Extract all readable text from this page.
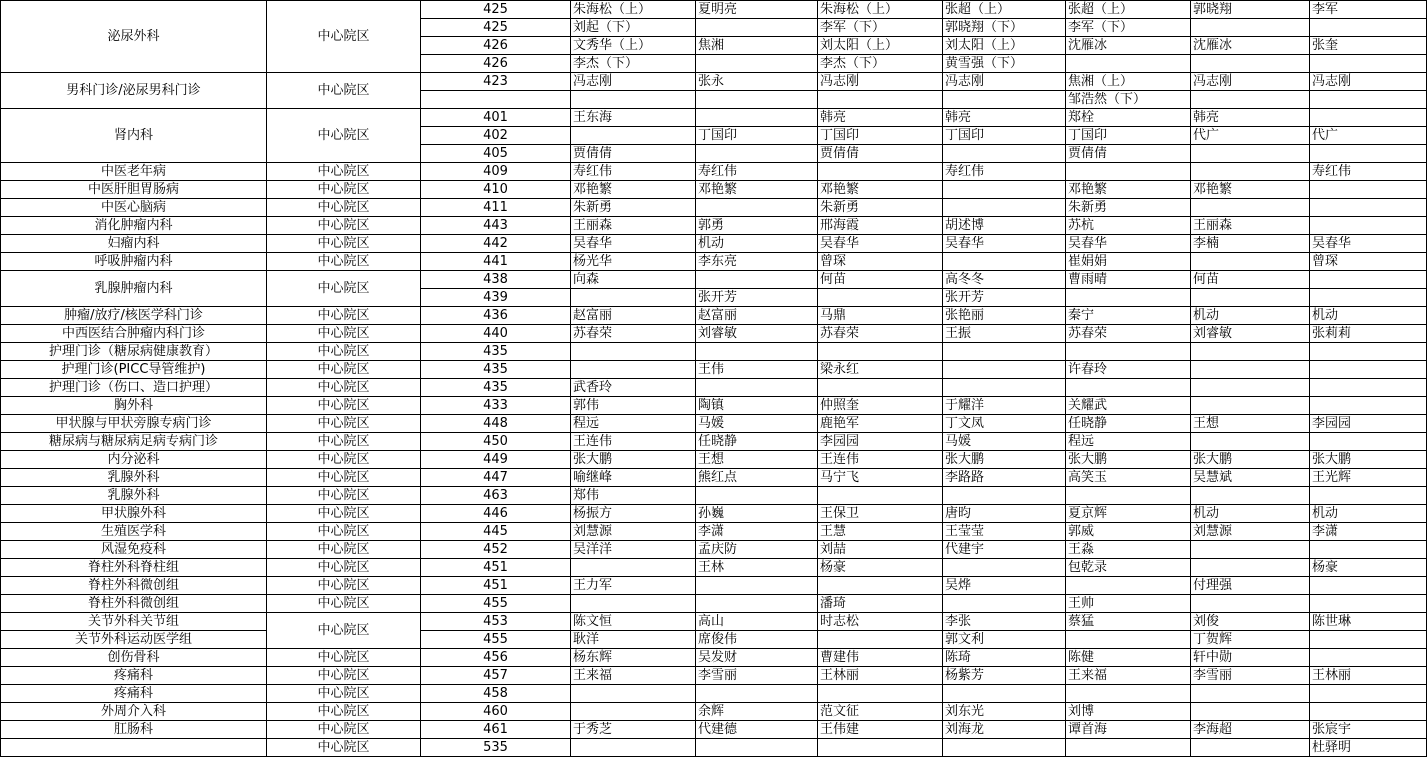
泌尿外科	中心院区	425	朱海松（上）	夏明亮	朱海松（上）	张超（上）	张超（上）	郭晓翔	李军
		425	刘起（下）		李军（下）	郭晓翔（下）	李军（下）		
		426	文秀华（上）	焦湘	刘太阳（上）	刘太阳（上）	沈雁冰	沈雁冰	张奎
		426	李杰（下）		李杰（下）	黄雪强（下）			
男科门诊/泌尿男科门诊	中心院区	423	冯志刚	张永	冯志刚	冯志刚	焦湘（上）	冯志刚	冯志刚
							邹浩然（下）		
肾内科	中心院区	401	王东海		韩亮	韩亮	郑栓	韩亮	
		402		丁国印	丁国印	丁国印	丁国印	代广	代广
		405	贾倩倩		贾倩倩		贾倩倩		
中医老年病	中心院区	409	寿红伟	寿红伟		寿红伟			寿红伟
中医肝胆胃肠病	中心院区	410	邓艳繁	邓艳繁	邓艳繁		邓艳繁	邓艳繁	
中医心脑病	中心院区	411	朱新勇		朱新勇		朱新勇		
消化肿瘤内科	中心院区	443	王丽森	郭勇	邢海霞	胡述博	苏杭	王丽森	
妇瘤内科	中心院区	442	吴春华	机动	吴春华	吴春华	吴春华	李楠	吴春华
呼吸肿瘤内科	中心院区	441	杨光华	李东亮	曾琛		崔娟娟		曾琛
乳腺肿瘤内科	中心院区	438	向森		何苗	高冬冬	曹雨晴	何苗	
		439		张开芳		张开芳			
肿瘤/放疗/核医学科门诊	中心院区	436	赵富丽	赵富丽	马鼎	张艳丽	秦宁	机动	机动
中西医结合肿瘤内科门诊	中心院区	440	苏春荣	刘睿敏	苏春荣	王振	苏春荣	刘睿敏	张莉莉
护理门诊（糖尿病健康教育）	中心院区	435							
护理门诊(PICC导管维护)	中心院区	435		王伟	梁永红		许春玲		
护理门诊（伤口、造口护理）	中心院区	435	武香玲						
胸外科	中心院区	433	郭伟	陶镇	仲照奎	于耀洋	关耀武		
甲状腺与甲状旁腺专病门诊	中心院区	448	程远	马媛	鹿艳军	丁文凤	任晓静	王想	李园园
糖尿病与糖尿病足病专病门诊	中心院区	450	王连伟	任晓静	李园园	马媛	程远		
内分泌科	中心院区	449	张大鹏	王想	王连伟	张大鹏	张大鹏	张大鹏	张大鹏
乳腺外科	中心院区	447	喻继峰	熊红点	马宁飞	李路路	高笑玉	吴慧斌	王光辉
乳腺外科	中心院区	463	郑伟						
甲状腺外科	中心院区	446	杨振方	孙巍	王保卫	唐昀	夏京辉	机动	机动
生殖医学科	中心院区	445	刘慧源	李潇	王慧	王莹莹	郭威	刘慧源	李潇
风湿免疫科	中心院区	452	吴洋洋	孟庆防	刘喆	代建宇	王淼		
脊柱外科脊柱组	中心院区	451		王林	杨豪		包乾录		杨豪
脊柱外科微创组	中心院区	451	王力军			吴烨		付理强	
脊柱外科微创组	中心院区	455			潘琦		王帅		
关节外科关节组	中心院区	453	陈文恒	高山	时志松	李张	蔡猛	刘俊	陈世琳
关节外科运动医学组		455	耿洋	席俊伟		郭文利		丁贺辉	
创伤骨科	中心院区	456	杨东辉	吴发财	曹建伟	陈琦	陈健	轩中勋	
疼痛科	中心院区	457	王来福	李雪丽	王林丽	杨紫芳	王来福	李雪丽	王林丽
疼痛科	中心院区	458							
外周介入科	中心院区	460		余辉	范文征	刘东光	刘博		
肛肠科	中心院区	461	于秀芝	代建德	王伟建	刘海龙	谭首海	李海超	张宸宇
	中心院区	535							杜驿明
